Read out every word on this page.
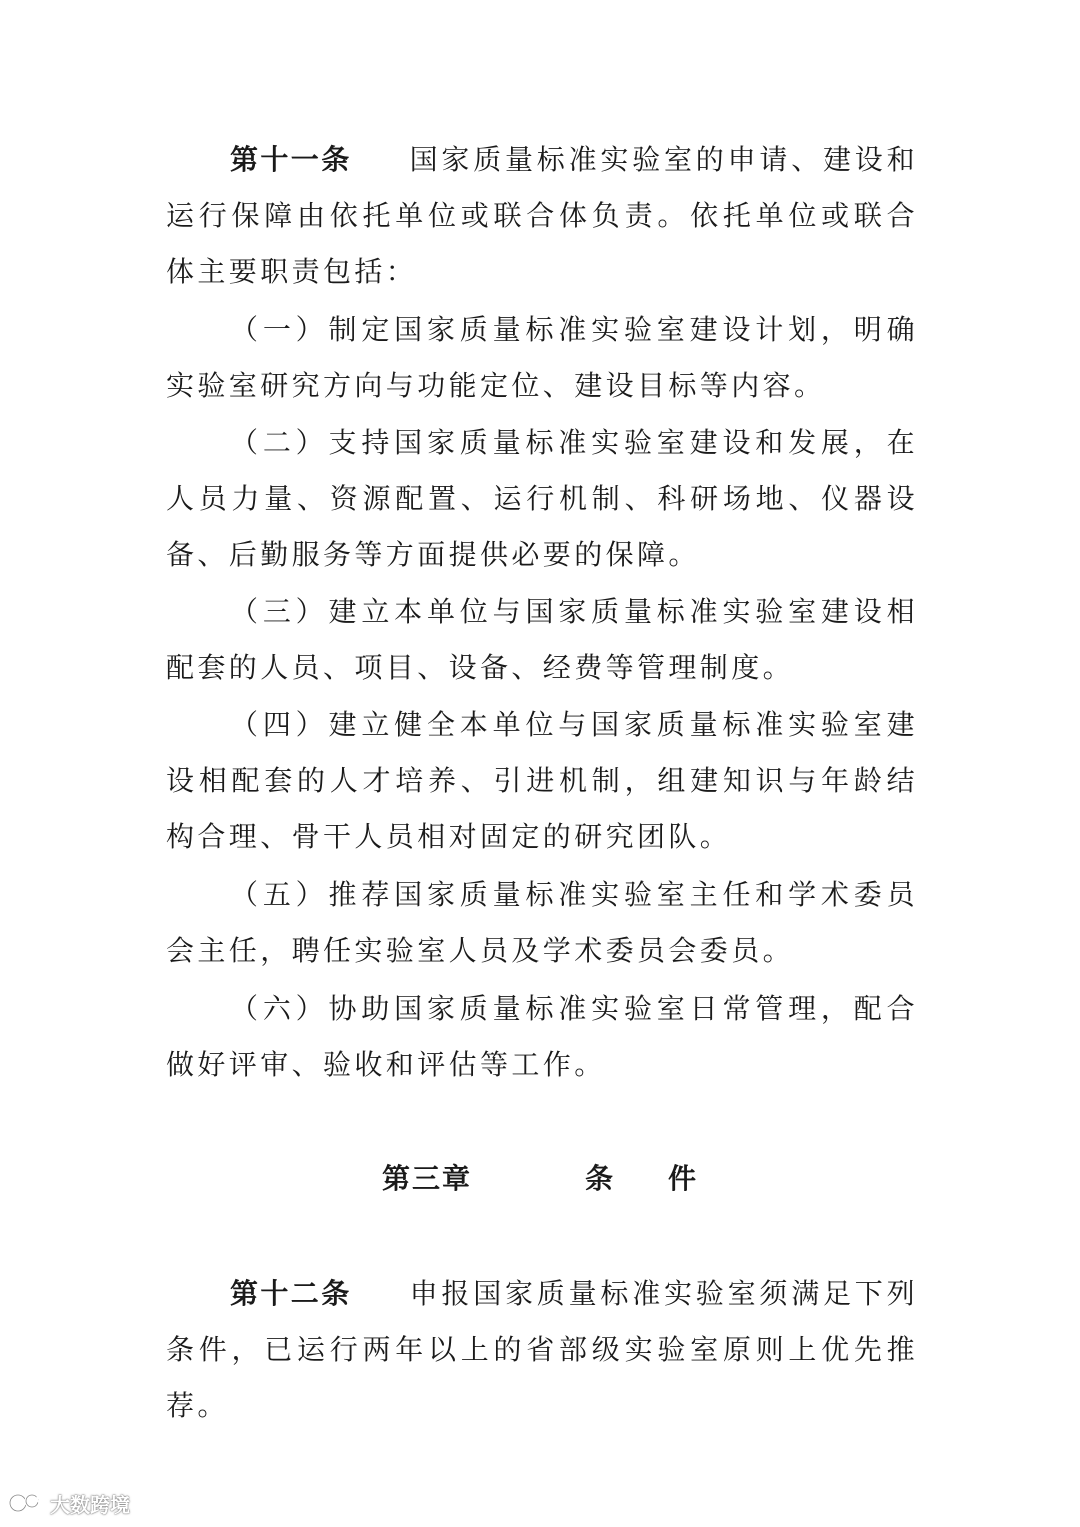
第十一条 国家质量标准实验室的申请、建设和运行保障由依托单位或联合体负责。依托单位或联合体主要职责包括：

（一）制定国家质量标准实验室建设计划，明确实验室研究方向与功能定位、建设目标等内容。

（二）支持国家质量标准实验室建设和发展，在人员力量、资源配置、运行机制、科研场地、仪器设备、后勤服务等方面提供必要的保障。

（三）建立本单位与国家质量标准实验室建设相配套的人员、项目、设备、经费等管理制度。

（四）建立健全本单位与国家质量标准实验室建设相配套的人才培养、引进机制，组建知识与年龄结构合理、骨干人员相对固定的研究团队。

（五）推荐国家质量标准实验室主任和学术委员会主任，聘任实验室人员及学术委员会委员。

（六）协助国家质量标准实验室日常管理，配合做好评审、验收和评估等工作。

第三章	条件

第十二条 申报国家质量标准实验室须满足下列条件，已运行两年以上的省部级实验室原则上优先推荐。

大数跨境
